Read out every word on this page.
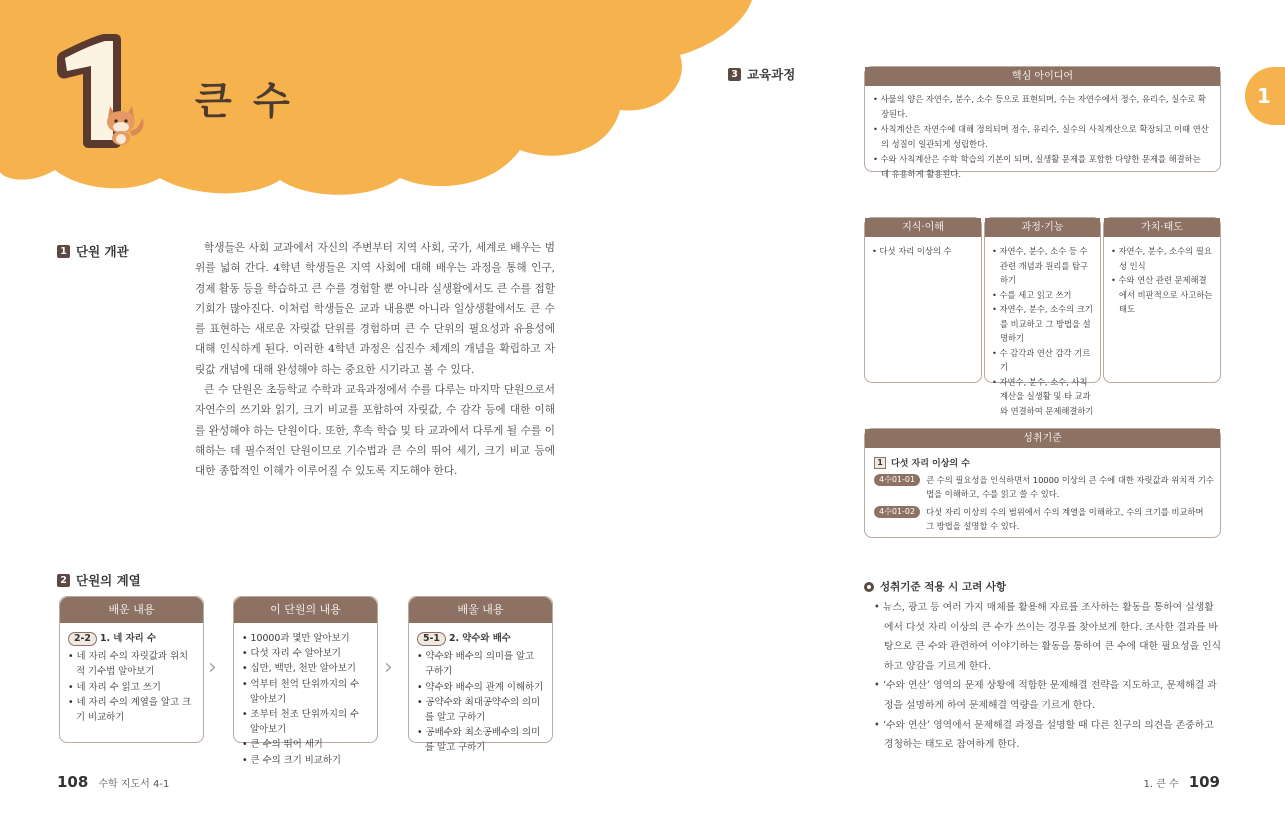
큰 수
1 단원 개관	학생들은 사회 교과에서 자신의 주변부터 지역 사회, 국가, 세계로 배우는 범위를 넓혀 간다. 4학년 학생들은 지역 사회에 대해 배우는 과정을 통해 인구, 경제 활동 등을 학습하고 큰 수를 경험할 뿐 아니라 실생활에서도 큰 수를 접할 기회가 많아진다. 이처럼 학생들은 교과 내용뿐 아니라 일상생활에서도 큰 수를 표현하는 새로운 자릿값 단위를 경험하며 큰 수 단위의 필요성과 유용성에 대해 인식하게 된다. 이러한 4학년 과정은 십진수 체계의 개념을 확립하고 자릿값 개념에 대해 완성해야 하는 중요한 시기라고 볼 수 있다.

큰 수 단원은 초등학교 수학과 교육과정에서 수를 다루는 마지막 단원으로서 자연수의 쓰기와 읽기, 크기 비교를 포함하여 자릿값, 수 감각 등에 대한 이해를 완성해야 하는 단원이다. 또한, 후속 학습 및 타 교과에서 다루게 될 수를 이해하는 데 필수적인 단원이므로 기수법과 큰 수의 뛰어 세기, 크기 비교 등에 대한 종합적인 이해가 이루어질 수 있도록 지도해야 한다.

2 단원의 계열
배운 내용
2-2 1. 네 자리 수
• 네 자리 수의 자릿값과 위치적 기수법 알아보기
• 네 자리 수 읽고 쓰기
• 네 자리 수의 계열을 알고 크기 비교하기
›
이 단원의 내용
• 10000과 몇만 알아보기
• 다섯 자리 수 알아보기
• 십만, 백만, 천만 알아보기
• 억부터 천억 단위까지의 수 알아보기
• 조부터 천조 단위까지의 수 알아보기
• 큰 수의 뛰어 세기
• 큰 수의 크기 비교하기
›
배울 내용
5-1 2. 약수와 배수
• 약수와 배수의 의미를 알고 구하기
• 약수와 배수의 관계 이해하기
• 공약수와 최대공약수의 의미를 알고 구하기
• 공배수와 최소공배수의 의미를 알고 구하기
3 교육과정	핵심 아이디어
• 사물의 양은 자연수, 분수, 소수 등으로 표현되며, 수는 자연수에서 정수, 유리수, 실수로 확장된다.
• 사칙계산은 자연수에 대해 정의되며 정수, 유리수, 실수의 사칙계산으로 확장되고 이때 연산의 성질이 일관되게 성립한다.
• 수와 사칙계산은 수학 학습의 기본이 되며, 실생활 문제를 포함한 다양한 문제를 해결하는 데 유용하게 활용된다.
지식·이해
• 다섯 자리 이상의 수
과정·기능
• 자연수, 분수, 소수 등 수 관련 개념과 원리를 탐구하기
• 수를 세고 읽고 쓰기
• 자연수, 분수, 소수의 크기를 비교하고 그 방법을 설명하기
• 수 감각과 연산 감각 기르기
• 자연수, 분수, 소수, 사칙계산을 실생활 및 타 교과와 연결하여 문제해결하기
가치·태도
• 자연수, 분수, 소수의 필요성 인식
• 수와 연산 관련 문제해결에서 비판적으로 사고하는 태도
성취기준
1 다섯 자리 이상의 수
4수01-01	큰 수의 필요성을 인식하면서 10000 이상의 큰 수에 대한 자릿값과 위치적 기수법을 이해하고, 수를 읽고 쓸 수 있다.
4수01-02	다섯 자리 이상의 수의 범위에서 수의 계열을 이해하고, 수의 크기를 비교하며 그 방법을 설명할 수 있다.
성취기준 적용 시 고려 사항
• 뉴스, 광고 등 여러 가지 매체를 활용해 자료를 조사하는 활동을 통하여 실생활에서 다섯 자리 이상의 큰 수가 쓰이는 경우를 찾아보게 한다. 조사한 결과를 바탕으로 큰 수와 관련하여 이야기하는 활동을 통하여 큰 수에 대한 필요성을 인식하고 양감을 기르게 한다.
• ‘수와 연산’ 영역의 문제 상황에 적합한 문제해결 전략을 지도하고, 문제해결 과정을 설명하게 하여 문제해결 역량을 기르게 한다.
• ‘수와 연산’ 영역에서 문제해결 과정을 설명할 때 다른 친구의 의견을 존중하고 경청하는 태도로 참여하게 한다.
1
108 수학 지도서 4-1	1. 큰 수 109
